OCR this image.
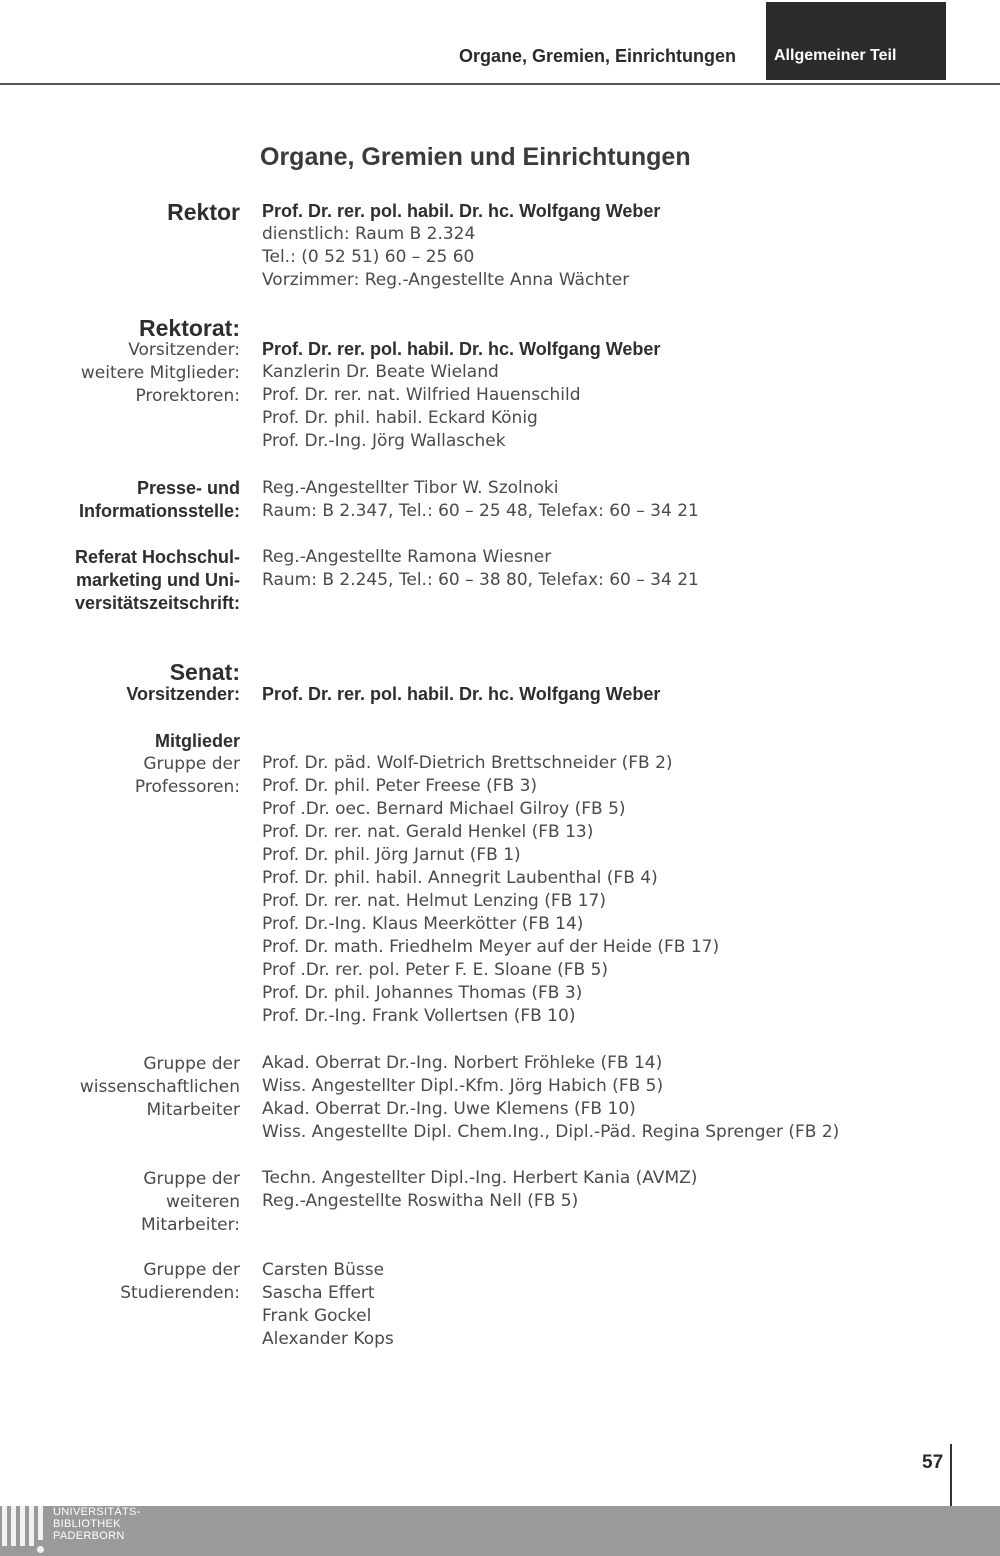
Organe, Gremien, Einrichtungen	Allgemeiner Teil
Organe, Gremien und Einrichtungen
Rektor Prof. Dr. rer. pol. habil. Dr. hc. Wolfgang Weber
dienstlich: Raum B 2.324
Tel.: (0 52 51) 60 – 25 60
Vorzimmer: Reg.-Angestellte Anna Wächter
Rektorat:
Vorsitzender:
weitere Mitglieder:
Prorektoren:
Prof. Dr. rer. pol. habil. Dr. hc. Wolfgang Weber
Kanzlerin Dr. Beate Wieland
Prof. Dr. rer. nat. Wilfried Hauenschild
Prof. Dr. phil. habil. Eckard König
Prof. Dr.-Ing. Jörg Wallaschek
Presse- und
Informationsstelle:
Reg.-Angestellter Tibor W. Szolnoki
Raum: B 2.347, Tel.: 60 – 25 48, Telefax: 60 – 34 21
Referat Hochschul-
marketing und Uni-
versitätszeitschrift:
Reg.-Angestellte Ramona Wiesner
Raum: B 2.245, Tel.: 60 – 38 80, Telefax: 60 – 34 21
Senat:
Vorsitzender: Prof. Dr. rer. pol. habil. Dr. hc. Wolfgang Weber
Mitglieder
Gruppe der
Professoren:
Prof. Dr. päd. Wolf-Dietrich Brettschneider (FB 2)
Prof. Dr. phil. Peter Freese (FB 3)
Prof .Dr. oec. Bernard Michael Gilroy (FB 5)
Prof. Dr. rer. nat. Gerald Henkel (FB 13)
Prof. Dr. phil. Jörg Jarnut (FB 1)
Prof. Dr. phil. habil. Annegrit Laubenthal (FB 4)
Prof. Dr. rer. nat. Helmut Lenzing (FB 17)
Prof. Dr.-Ing. Klaus Meerkötter (FB 14)
Prof. Dr. math. Friedhelm Meyer auf der Heide (FB 17)
Prof .Dr. rer. pol. Peter F. E. Sloane (FB 5)
Prof. Dr. phil. Johannes Thomas (FB 3)
Prof. Dr.-Ing. Frank Vollertsen (FB 10)
Gruppe der
wissenschaftlichen
Mitarbeiter
Akad. Oberrat Dr.-Ing. Norbert Fröhleke (FB 14)
Wiss. Angestellter Dipl.-Kfm. Jörg Habich (FB 5)
Akad. Oberrat Dr.-Ing. Uwe Klemens (FB 10)
Wiss. Angestellte Dipl. Chem.Ing., Dipl.-Päd. Regina Sprenger (FB 2)
Gruppe der
weiteren
Mitarbeiter:
Techn. Angestellter Dipl.-Ing. Herbert Kania (AVMZ)
Reg.-Angestellte Roswitha Nell (FB 5)
Gruppe der
Studierenden:
Carsten Büsse
Sascha Effert
Frank Gockel
Alexander Kops
57
UNIVERSITÄTS-
BIBLIOTHEK
PADERBORN
